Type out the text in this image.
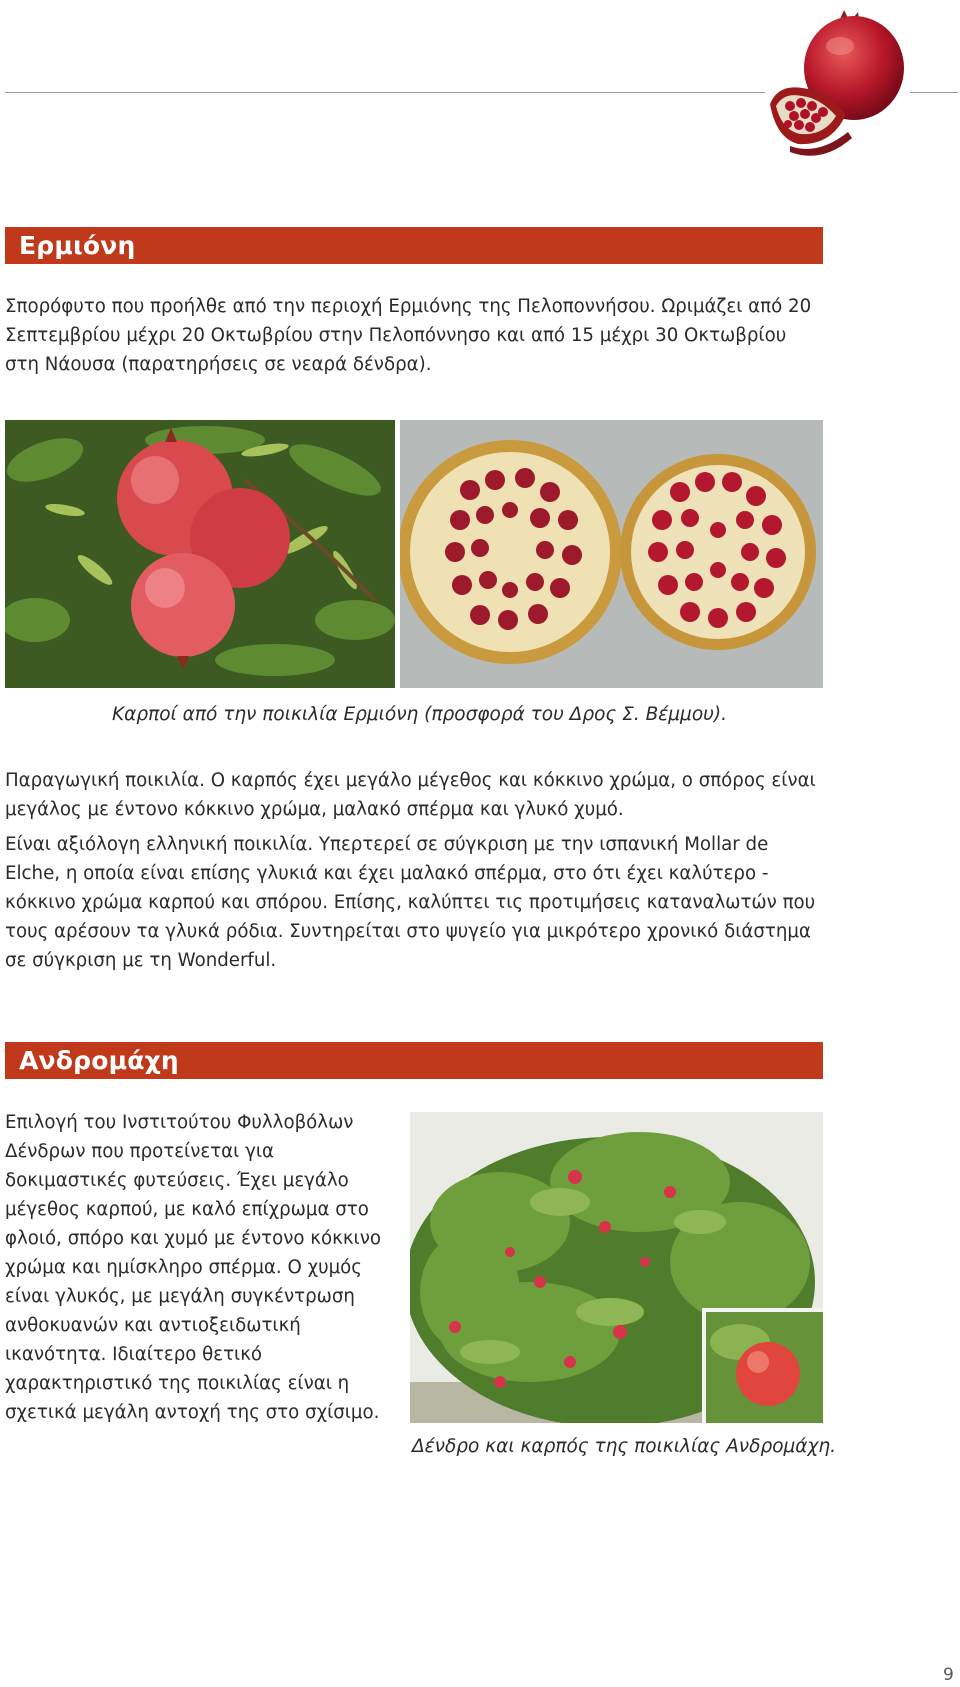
Ερμιόνη

Σπορόφυτο που προήλθε από την περιοχή Ερμιόνης της Πελοποννήσου. Ωριμάζει από 20 Σεπτεμβρίου μέχρι 20 Οκτωβρίου στην Πελοπόννησο και από 15 μέχρι 30 Οκτωβρίου στη Νάουσα (παρατηρήσεις σε νεαρά δένδρα).

Καρποί από την ποικιλία Ερμιόνη (προσφορά του Δρος Σ. Βέμμου).

Παραγωγική ποικιλία. Ο καρπός έχει μεγάλο μέγεθος και κόκκινο χρώμα, ο σπόρος είναι μεγάλος με έντονο κόκκινο χρώμα, μαλακό σπέρμα και γλυκό χυμό.

Είναι αξιόλογη ελληνική ποικιλία. Υπερτερεί σε σύγκριση με την ισπανική Mollar de Elche, η οποία είναι επίσης γλυκιά και έχει μαλακό σπέρμα, στο ότι έχει καλύτερο - κόκκινο χρώμα καρπού και σπόρου. Επίσης, καλύπτει τις προτιμήσεις καταναλωτών που τους αρέσουν τα γλυκά ρόδια. Συντηρείται στο ψυγείο για μικρότερο χρονικό διάστημα σε σύγκριση με τη Wonderful.

Ανδρομάχη

Επιλογή του Ινστιτούτου Φυλλοβόλων Δένδρων που προτείνεται για δοκιμαστικές φυτεύσεις. Έχει μεγάλο μέγεθος καρπού, με καλό επίχρωμα στο φλοιό, σπόρο και χυμό με έντονο κόκκινο χρώμα και ημίσκληρο σπέρμα. Ο χυμός είναι γλυκός, με μεγάλη συγκέντρωση ανθοκυανών και αντιοξειδωτική ικανότητα. Ιδιαίτερο θετικό χαρακτηριστικό της ποικιλίας είναι η σχετικά μεγάλη αντοχή της στο σχίσιμο.

Δένδρο και καρπός της ποικιλίας Ανδρομάχη.

9
